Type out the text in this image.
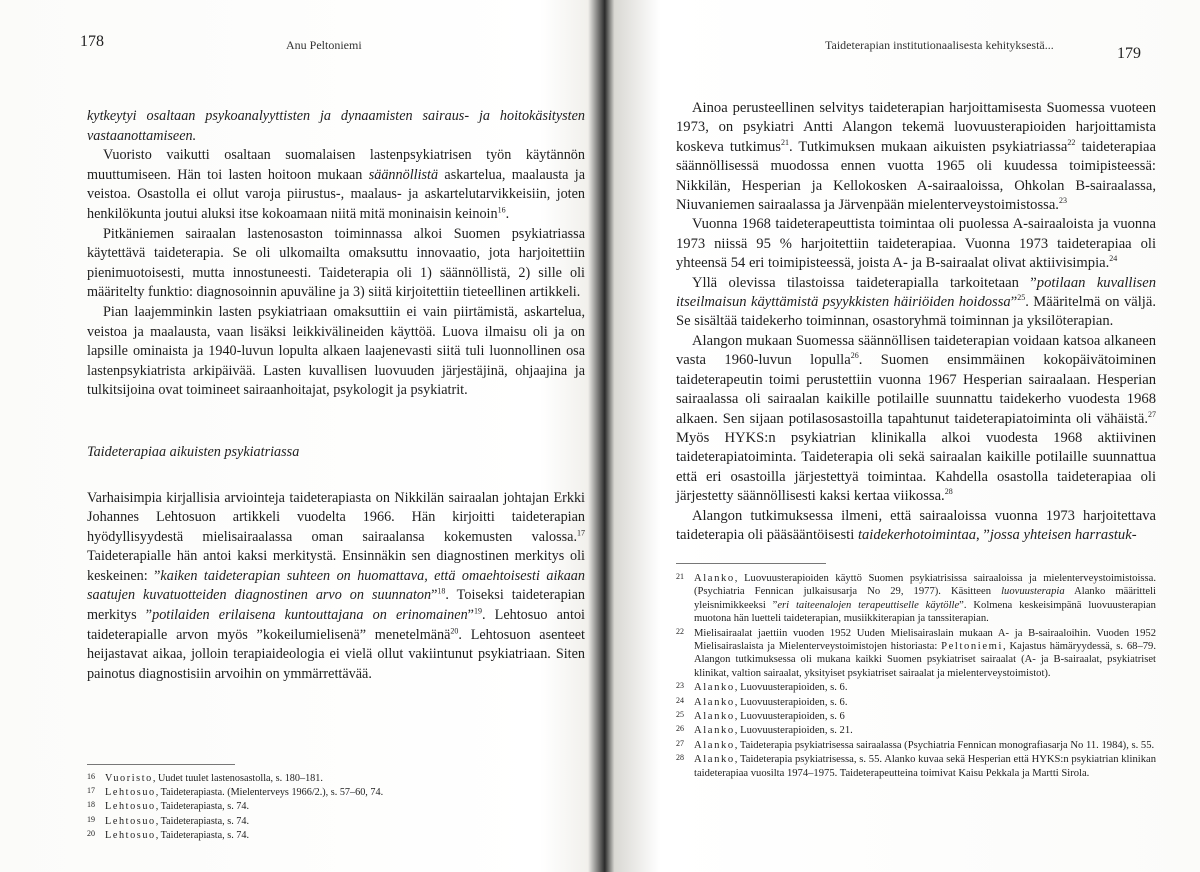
178	Anu Peltoniemi

kytkeytyi osaltaan psykoanalyyttisten ja dynaamisten sairaus- ja hoitokäsitysten vastaanottamiseen.

Vuoristo vaikutti osaltaan suomalaisen lastenpsykiatrisen työn käytännön muuttumiseen. Hän toi lasten hoitoon mukaan säännöllistä askartelua, maalausta ja veistoa. Osastolla ei ollut varoja piirustus-, maalaus- ja askartelutarvikkeisiin, joten henkilökunta joutui aluksi itse kokoamaan niitä mitä moninaisin keinoin$^{16}$.

Pitkäniemen sairaalan lastenosaston toiminnassa alkoi Suomen psykiatriassa käytettävä taideterapia. Se oli ulkomailta omaksuttu innovaatio, jota harjoitettiin pienimuotoisesti, mutta innostuneesti. Taideterapia oli 1) säännöllistä, 2) sille oli määritelty funktio: diagnosoinnin apuväline ja 3) siitä kirjoitettiin tieteellinen artikkeli.

Pian laajemminkin lasten psykiatriaan omaksuttiin ei vain piirtämistä, askartelua, veistoa ja maalausta, vaan lisäksi leikkivälineiden käyttöä. Luova ilmaisu oli ja on lapsille ominaista ja 1940-luvun lopulta alkaen laajenevasti siitä tuli luonnollinen osa lastenpsykiatrista arkipäivää. Lasten kuvallisen luovuuden järjestäjinä, ohjaajina ja tulkitsijoina ovat toimineet sairaanhoitajat, psykologit ja psykiatrit.

Taideterapiaa aikuisten psykiatriassa

Varhaisimpia kirjallisia arviointeja taideterapiasta on Nikkilän sairaalan johtajan Erkki Johannes Lehtosuon artikkeli vuodelta 1966. Hän kirjoitti taideterapian hyödyllisyydestä mielisairaalassa oman sairaalansa kokemusten valossa.$^{17}$ Taideterapialle hän antoi kaksi merkitystä. Ensinnäkin sen diagnostinen merkitys oli keskeinen: ”kaiken taideterapian suhteen on huomattava, että omaehtoisesti aikaan saatujen kuvatuotteiden diagnostinen arvo on suunnaton”$^{18}$. Toiseksi taideterapian merkitys ”potilaiden erilaisena kuntouttajana on erinomainen”$^{19}$. Lehtosuo antoi taideterapialle arvon myös ”kokeilumielisenä” menetelmänä$^{20}$. Lehtosuon asenteet heijastavat aikaa, jolloin terapiaideologia ei vielä ollut vakiintunut psykiatriaan. Siten painotus diagnostisiin arvoihin on ymmärrettävää.

16 Vuoristo, Uudet tuulet lastenosastolla, s. 180–181.
17 Lehtosuo, Taideterapiasta. (Mielenterveys 1966/2.), s. 57–60, 74.
18 Lehtosuo, Taideterapiasta, s. 74.
19 Lehtosuo, Taideterapiasta, s. 74.
20 Lehtosuo, Taideterapiasta, s. 74.
Taideterapian institutionaalisesta kehityksestä...	179

Ainoa perusteellinen selvitys taideterapian harjoittamisesta Suomessa vuoteen 1973, on psykiatri Antti Alangon tekemä luovuusterapioiden harjoittamista koskeva tutkimus$^{21}$. Tutkimuksen mukaan aikuisten psykiatriassa$^{22}$ taideterapiaa säännöllisessä muodossa ennen vuotta 1965 oli kuudessa toimipisteessä: Nikkilän, Hesperian ja Kellokosken A-sairaaloissa, Ohkolan B-sairaalassa, Niuvaniemen sairaalassa ja Järvenpään mielenterveystoimistossa.$^{23}$

Vuonna 1968 taideterapeuttista toimintaa oli puolessa A-sairaaloista ja vuonna 1973 niissä 95 % harjoitettiin taideterapiaa. Vuonna 1973 taideterapiaa oli yhteensä 54 eri toimipisteessä, joista A- ja B-sairaalat olivat aktiivisimpia.$^{24}$

Yllä olevissa tilastoissa taideterapialla tarkoitetaan ”potilaan kuvallisen itseilmaisun käyttämistä psyykkisten häiriöiden hoidossa”$^{25}$. Määritelmä on väljä. Se sisältää taidekerho toiminnan, osastoryhmä toiminnan ja yksilöterapian.

Alangon mukaan Suomessa säännöllisen taideterapian voidaan katsoa alkaneen vasta 1960-luvun lopulla$^{26}$. Suomen ensimmäinen kokopäivätoiminen taideterapeutin toimi perustettiin vuonna 1967 Hesperian sairaalaan. Hesperian sairaalassa oli sairaalan kaikille potilaille suunnattu taidekerho vuodesta 1968 alkaen. Sen sijaan potilasosastoilla tapahtunut taideterapiatoiminta oli vähäistä.$^{27}$ Myös HYKS:n psykiatrian klinikalla alkoi vuodesta 1968 aktiivinen taideterapiatoiminta. Taideterapia oli sekä sairaalan kaikille potilaille suunnattua että eri osastoilla järjestettyä toimintaa. Kahdella osastolla taideterapiaa oli järjestetty säännöllisesti kaksi kertaa viikossa.$^{28}$

Alangon tutkimuksessa ilmeni, että sairaaloissa vuonna 1973 harjoitettava taideterapia oli pääsääntöisesti taidekerhotoimintaa, ”jossa yhteisen harrastuk-

21 Alanko, Luovuusterapioiden käyttö Suomen psykiatrisissa sairaaloissa ja mielenterveystoimistoissa. (Psychiatria Fennican julkaisusarja No 29, 1977). Käsitteen luovuusterapia Alanko määritteli yleisnimikkeeksi ”eri taiteenalojen terapeuttiselle käytölle”. Kolmena keskeisimpänä luovuusterapian muotona hän luetteli taideterapian, musiikkiterapian ja tanssiterapian.
22 Mielisairaalat jaettiin vuoden 1952 Uuden Mielisairaslain mukaan A- ja B-sairaaloihin. Vuoden 1952 Mielisairaslaista ja Mielenterveystoimistojen historiasta: Peltoniemi, Kajastus hämäryydessä, s. 68–79. Alangon tutkimuksessa oli mukana kaikki Suomen psykiatriset sairaalat (A- ja B-sairaalat, psykiatriset klinikat, valtion sairaalat, yksityiset psykiatriset sairaalat ja mielenterveystoimistot).
23 Alanko, Luovuusterapioiden, s. 6.
24 Alanko, Luovuusterapioiden, s. 6.
25 Alanko, Luovuusterapioiden, s. 6
26 Alanko, Luovuusterapioiden, s. 21.
27 Alanko, Taideterapia psykiatrisessa sairaalassa (Psychiatria Fennican monografiasarja No 11. 1984), s. 55.
28 Alanko, Taideterapia psykiatrisessa, s. 55. Alanko kuvaa sekä Hesperian että HYKS:n psykiatrian klinikan taideterapiaa vuosilta 1974–1975. Taideterapeutteina toimivat Kaisu Pekkala ja Martti Sirola.
